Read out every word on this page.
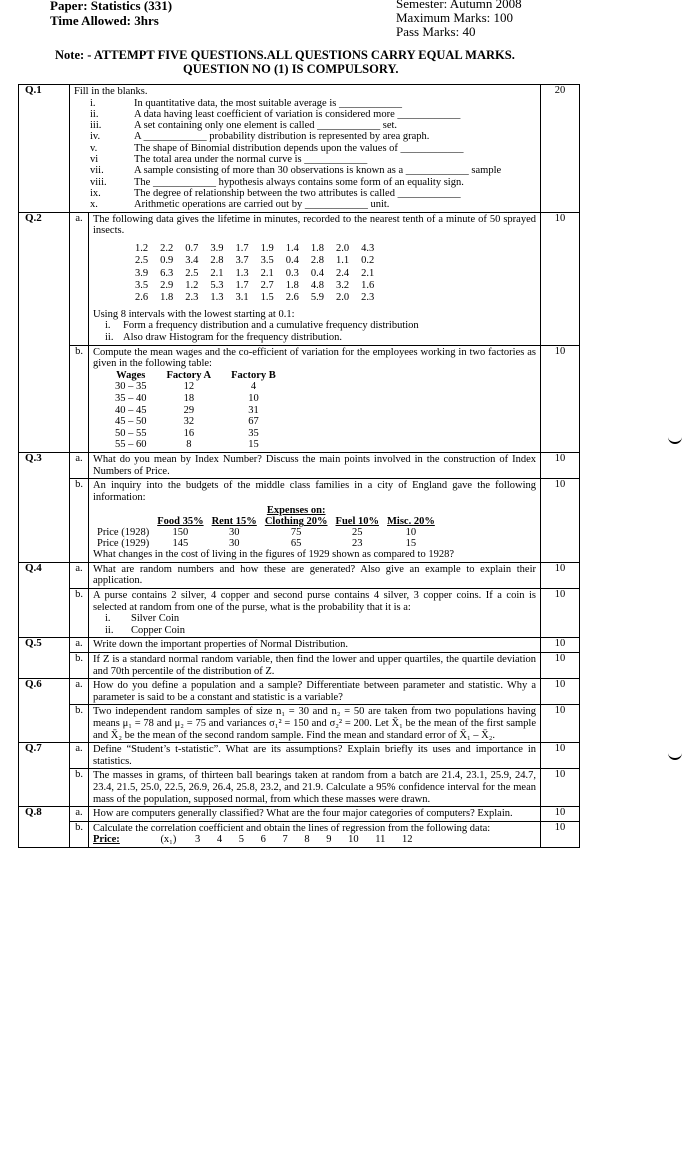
Paper: Statistics (331)
Time Allowed: 3hrs
Semester: Autumn 2008
Maximum Marks: 100
Pass Marks: 40
Note: - ATTEMPT FIVE QUESTIONS.ALL QUESTIONS CARRY EQUAL MARKS.
QUESTION NO (1) IS COMPULSORY.
Q.1	Fill in the blanks.
i.	In quantitative data, the most suitable average is ____________
ii.	A data having least coefficient of variation is considered more ____________
iii.	A set containing only one element is called ____________ set.
iv.	A ____________ probability distribution is represented by area graph.
v.	The shape of Binomial distribution depends upon the values of ____________
vi	The total area under the normal curve is ____________
vii.	A sample consisting of more than 30 observations is known as a ____________ sample
viii.	The ____________ hypothesis always contains some form of an equality sign.
ix.	The degree of relationship between the two attributes is called ____________
x.	Arithmetic operations are carried out by ____________ unit.
	20
Q.2	a.	The following data gives the lifetime in minutes, recorded to the nearest tenth of a minute of 50 sprayed insects.
1.2	2.2	0.7	3.9	1.7	1.9	1.4	1.8	2.0	4.3
2.5	0.9	3.4	2.8	3.7	3.5	0.4	2.8	1.1	0.2
3.9	6.3	2.5	2.1	1.3	2.1	0.3	0.4	2.4	2.1
3.5	2.9	1.2	5.3	1.7	2.7	1.8	4.8	3.2	1.6
2.6	1.8	2.3	1.3	3.1	1.5	2.6	5.9	2.0	2.3
Using 8 intervals with the lowest starting at 0.1:
i. Form a frequency distribution and a cumulative frequency distribution
ii. Also draw Histogram for the frequency distribution.
	10
b.	Compute the mean wages and the co-efficient of variation for the employees working in two factories as given in the following table:
Wages	Factory A	Factory B
30 – 35	12	4
35 – 40	18	10
40 – 45	29	31
45 – 50	32	67
50 – 55	16	35
55 – 60	8	15
	10
Q.3	a.	What do you mean by Index Number? Discuss the main points involved in the construction of Index Numbers of Price.	10
b.	An inquiry into the budgets of the middle class families in a city of England gave the following information:
			Expenses on:		
	Food 35%	Rent 15%	Clothing 20%	Fuel 10%	Misc. 20%
Price (1928)	150	30	75	25	10
Price (1929)	145	30	65	23	15
What changes in the cost of living in the figures of 1929 shown as compared to 1928?
	10
Q.4	a.	What are random numbers and how these are generated? Also give an example to explain their application.	10
b.	A purse contains 2 silver, 4 copper and second purse contains 4 silver, 3 copper coins. If a coin is selected at random from one of the purse, what is the probability that it is a:
i. Silver Coin
ii. Copper Coin
	10
Q.5	a.	Write down the important properties of Normal Distribution.	10
b.	If Z is a standard normal random variable, then find the lower and upper quartiles, the quartile deviation and 70th percentile of the distribution of Z.	10
Q.6	a.	How do you define a population and a sample? Differentiate between parameter and statistic. Why a parameter is said to be a constant and statistic is a variable?	10
b.	Two independent random samples of size n₁ = 30 and n₂ = 50 are taken from two populations having means μ₁ = 78 and μ₂ = 75 and variances σ₁² = 150 and σ₂² = 200. Let X̄₁ be the mean of the first sample and X̄₂ be the mean of the second random sample. Find the mean and standard error of X̄₁ – X̄₂.	10
Q.7	a.	Define “Student’s t-statistic”. What are its assumptions? Explain briefly its uses and importance in statistics.	10
b.	The masses in grams, of thirteen ball bearings taken at random from a batch are 21.4, 23.1, 25.9, 24.7, 23.4, 21.5, 25.0, 22.5, 26.9, 26.4, 25.8, 23.2, and 21.9. Calculate a 95% confidence interval for the mean mass of the population, supposed normal, from which these masses were drawn.	10
Q.8	a.	How are computers generally classified? What are the four major categories of computers? Explain.	10
b.	Calculate the correlation coefficient and obtain the lines of regression from the following data:
Price:	(x₁) 3 4 5 6 7 8 9 10 11 12
	10
